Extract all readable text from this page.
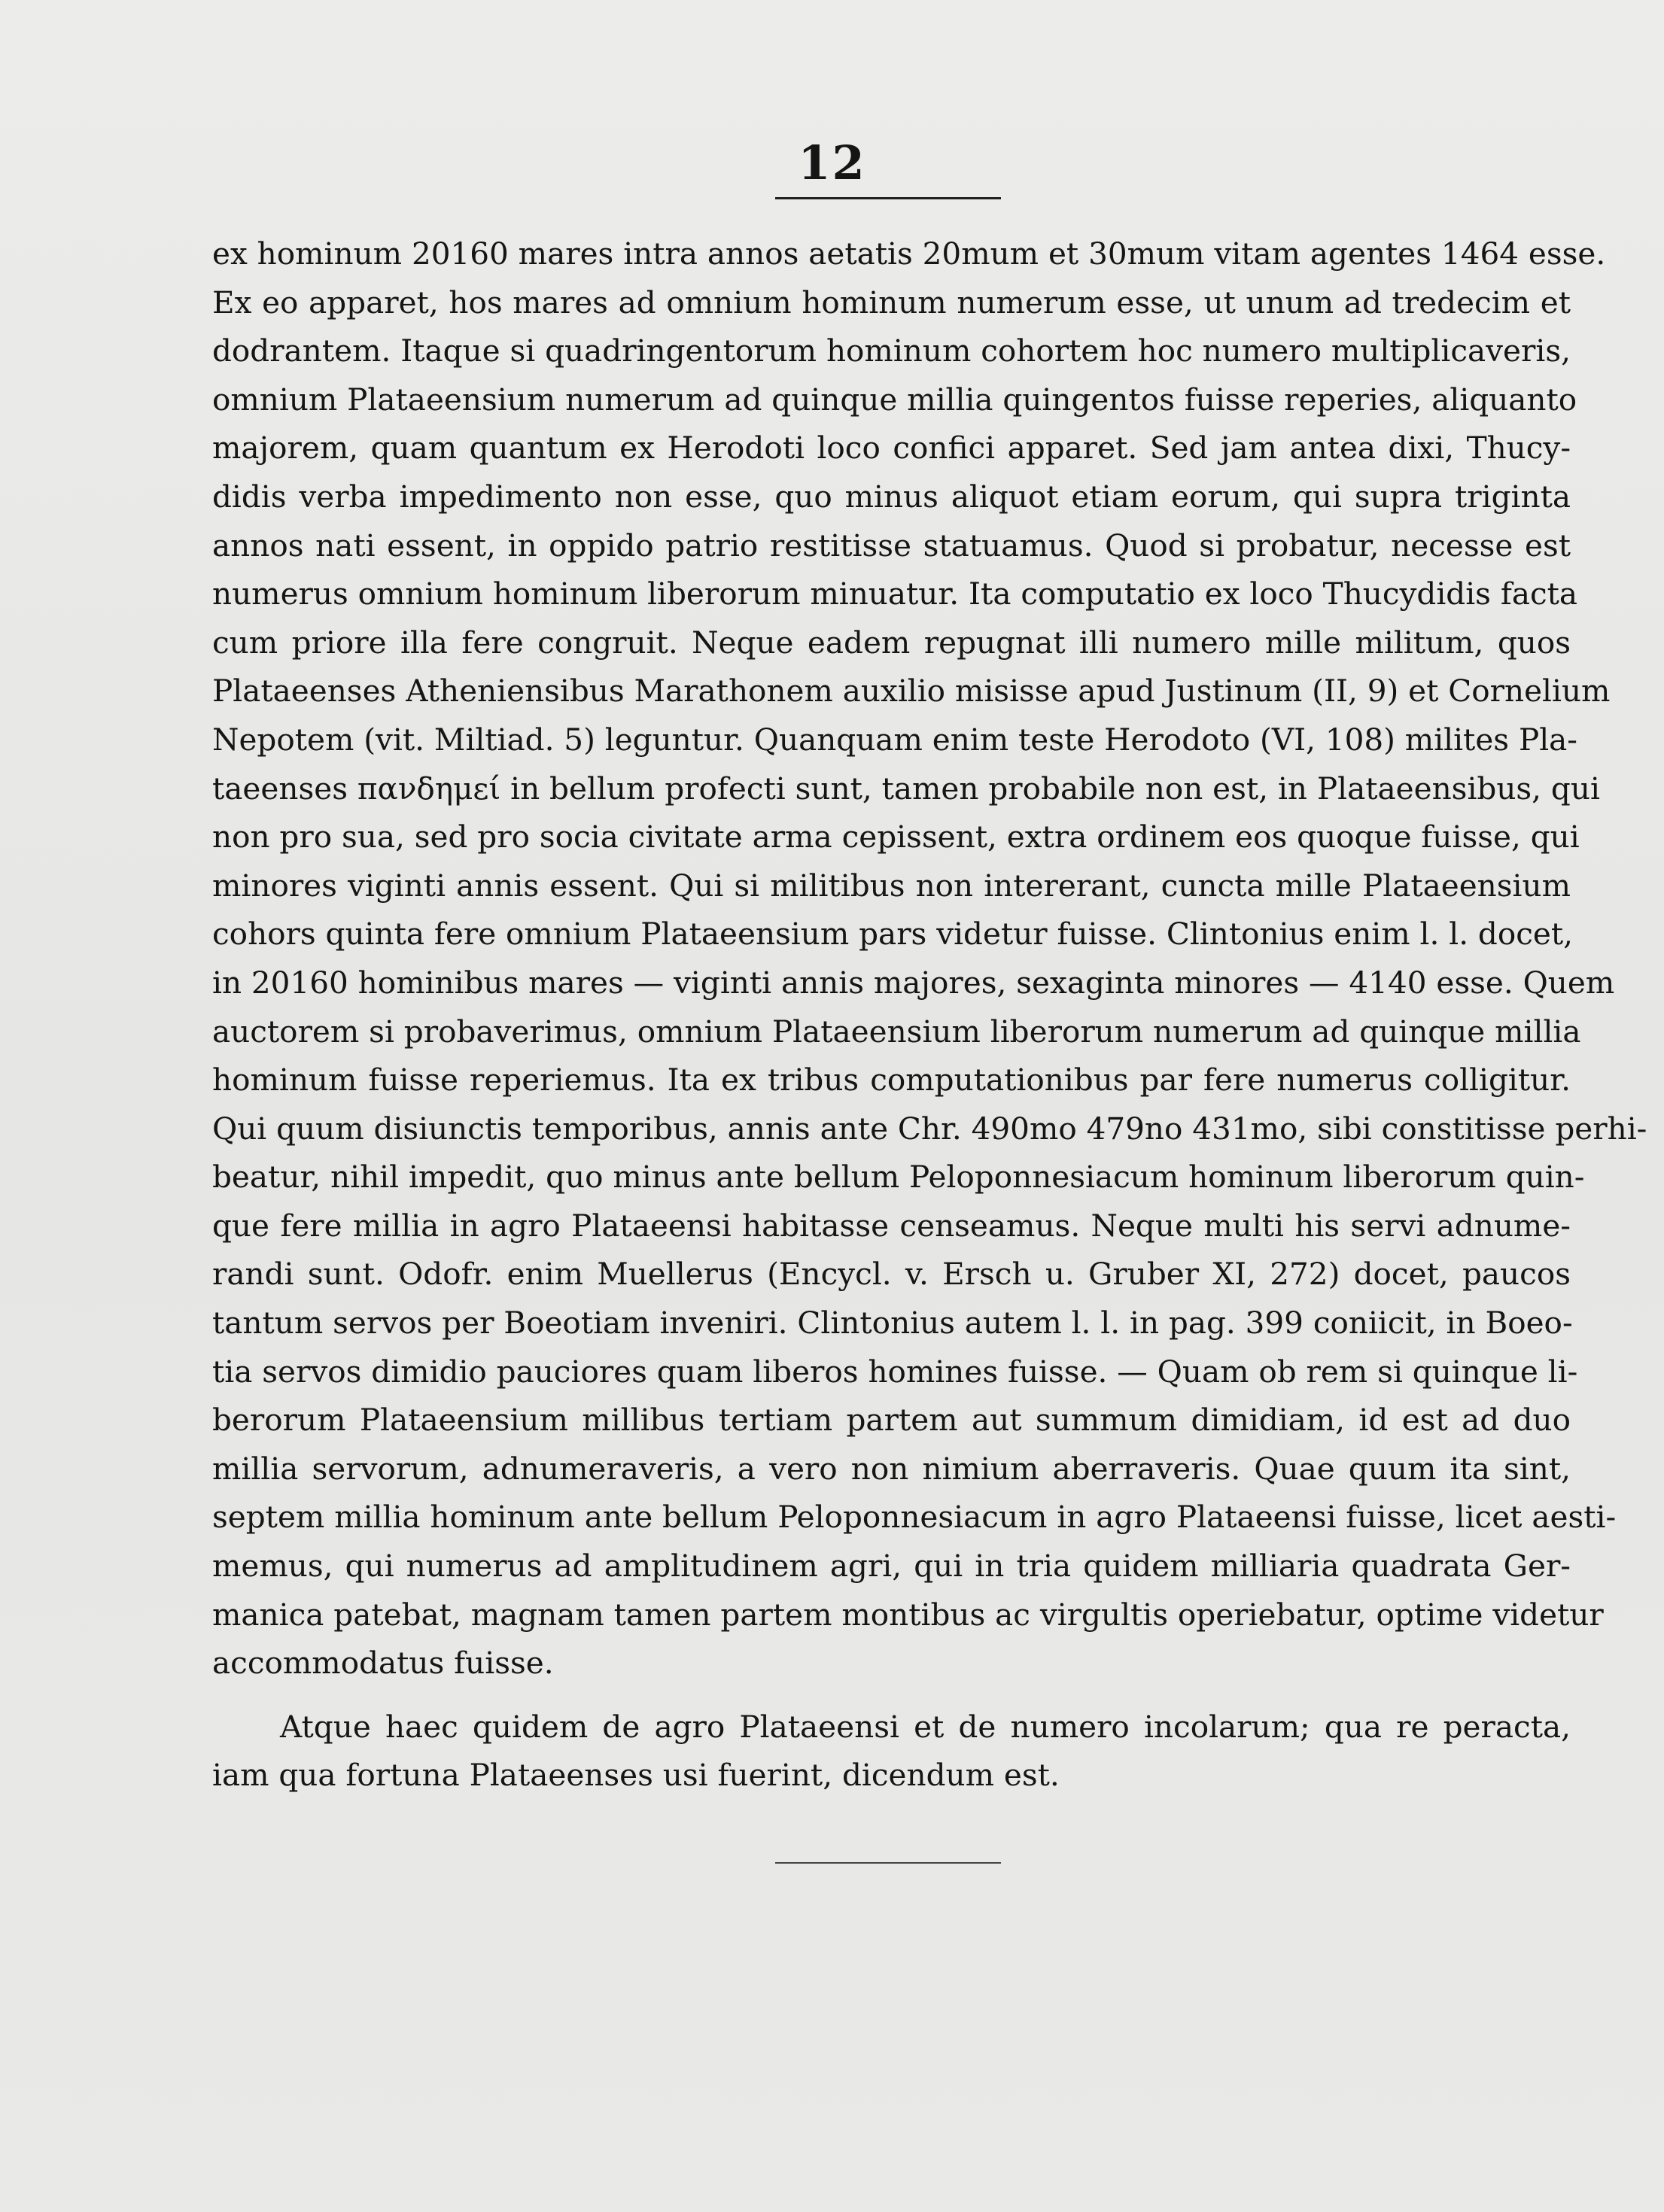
12
ex hominum 20160 mares intra annos aetatis 20mum et 30mum vitam agentes 1464 esse.
Ex eo apparet, hos mares ad omnium hominum numerum esse, ut unum ad tredecim et
dodrantem. Itaque si quadringentorum hominum cohortem hoc numero multiplicaveris,
omnium Plataeensium numerum ad quinque millia quingentos fuisse reperies, aliquanto
majorem, quam quantum ex Herodoti loco confici apparet. Sed jam antea dixi, Thucy-
didis verba impedimento non esse, quo minus aliquot etiam eorum, qui supra triginta
annos nati essent, in oppido patrio restitisse statuamus. Quod si probatur, necesse est
numerus omnium hominum liberorum minuatur. Ita computatio ex loco Thucydidis facta
cum priore illa fere congruit. Neque eadem repugnat illi numero mille militum, quos
Plataeenses Atheniensibus Marathonem auxilio misisse apud Justinum (II, 9) et Cornelium
Nepotem (vit. Miltiad. 5) leguntur. Quanquam enim teste Herodoto (VI, 108) milites Pla-
taeenses πανδημεί in bellum profecti sunt, tamen probabile non est, in Plataeensibus, qui
non pro sua, sed pro socia civitate arma cepissent, extra ordinem eos quoque fuisse, qui
minores viginti annis essent. Qui si militibus non intererant, cuncta mille Plataeensium
cohors quinta fere omnium Plataeensium pars videtur fuisse. Clintonius enim l. l. docet,
in 20160 hominibus mares — viginti annis majores, sexaginta minores — 4140 esse. Quem
auctorem si probaverimus, omnium Plataeensium liberorum numerum ad quinque millia
hominum fuisse reperiemus. Ita ex tribus computationibus par fere numerus colligitur.
Qui quum disiunctis temporibus, annis ante Chr. 490mo 479no 431mo, sibi constitisse perhi-
beatur, nihil impedit, quo minus ante bellum Peloponnesiacum hominum liberorum quin-
que fere millia in agro Plataeensi habitasse censeamus. Neque multi his servi adnume-
randi sunt. Odofr. enim Muellerus (Encycl. v. Ersch u. Gruber XI, 272) docet, paucos
tantum servos per Boeotiam inveniri. Clintonius autem l. l. in pag. 399 coniicit, in Boeo-
tia servos dimidio pauciores quam liberos homines fuisse. — Quam ob rem si quinque li-
berorum Plataeensium millibus tertiam partem aut summum dimidiam, id est ad duo
millia servorum, adnumeraveris, a vero non nimium aberraveris. Quae quum ita sint,
septem millia hominum ante bellum Peloponnesiacum in agro Plataeensi fuisse, licet aesti-
memus, qui numerus ad amplitudinem agri, qui in tria quidem milliaria quadrata Ger-
manica patebat, magnam tamen partem montibus ac virgultis operiebatur, optime videtur
accommodatus fuisse.
Atque haec quidem de agro Plataeensi et de numero incolarum; qua re peracta,
iam qua fortuna Plataeenses usi fuerint, dicendum est.
